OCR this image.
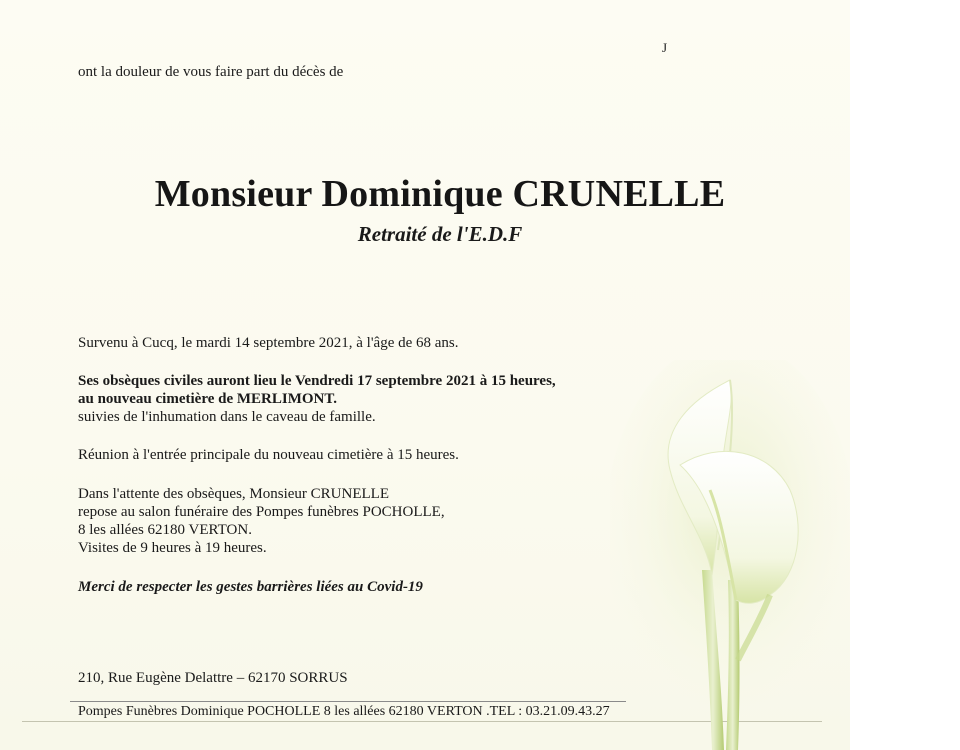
J
ont la douleur de vous faire part du décès de
Monsieur Dominique CRUNELLE
Retraité de l'E.D.F
Survenu à Cucq, le mardi 14 septembre 2021, à l'âge de 68 ans.
Ses obsèques civiles auront lieu le Vendredi 17 septembre 2021 à 15 heures,
au nouveau cimetière de MERLIMONT.
suivies de l'inhumation dans le caveau de famille.
Réunion à l'entrée principale du nouveau cimetière à 15 heures.
Dans l'attente des obsèques, Monsieur CRUNELLE
repose au salon funéraire des Pompes funèbres POCHOLLE,
8 les allées 62180 VERTON.
Visites de 9 heures à 19 heures.
Merci de respecter les gestes barrières liées au Covid-19
210, Rue Eugène Delattre – 62170 SORRUS
Pompes Funèbres Dominique POCHOLLE 8 les allées 62180 VERTON .TEL : 03.21.09.43.27
